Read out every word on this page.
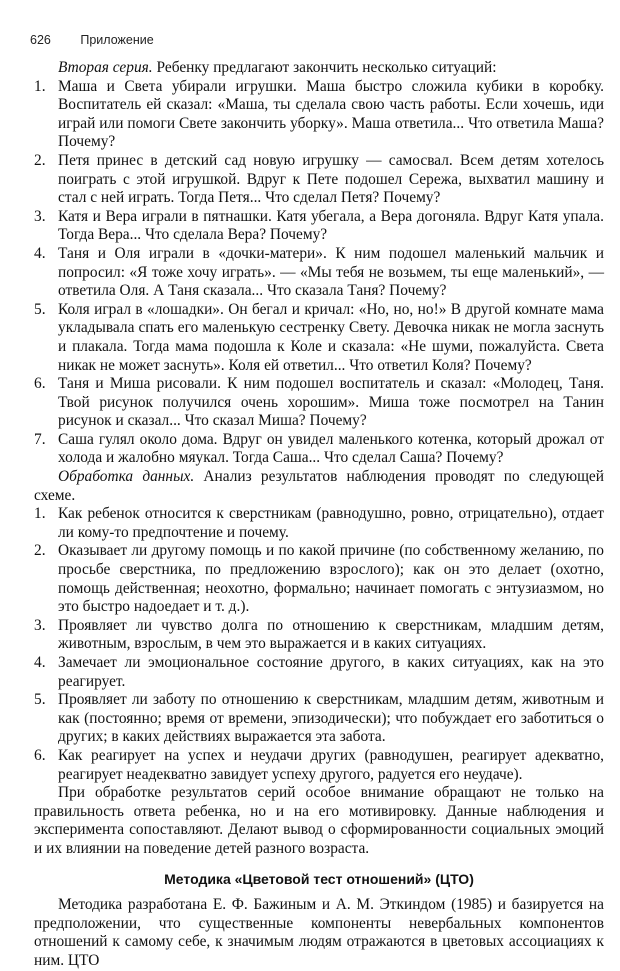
626 Приложение

Вторая серия. Ребенку предлагают закончить несколько ситуаций:

1. Маша и Света убирали игрушки. Маша быстро сложила кубики в коробку. Воспитатель ей сказал: «Маша, ты сделала свою часть работы. Если хочешь, иди играй или помоги Свете закончить уборку». Маша ответила... Что ответила Маша? Почему?
2. Петя принес в детский сад новую игрушку — самосвал. Всем детям хотелось поиграть с этой игрушкой. Вдруг к Пете подошел Сережа, выхватил машину и стал с ней играть. Тогда Петя... Что сделал Петя? Почему?
3. Катя и Вера играли в пятнашки. Катя убегала, а Вера догоняла. Вдруг Катя упала. Тогда Вера... Что сделала Вера? Почему?
4. Таня и Оля играли в «дочки-матери». К ним подошел маленький мальчик и попросил: «Я тоже хочу играть». — «Мы тебя не возьмем, ты еще маленький», — ответила Оля. А Таня сказала... Что сказала Таня? Почему?
5. Коля играл в «лошадки». Он бегал и кричал: «Но, но, но!» В другой комнате мама укладывала спать его маленькую сестренку Свету. Девочка никак не могла заснуть и плакала. Тогда мама подошла к Коле и сказала: «Не шуми, пожалуйста. Света никак не может заснуть». Коля ей ответил... Что ответил Коля? Почему?
6. Таня и Миша рисовали. К ним подошел воспитатель и сказал: «Молодец, Таня. Твой рисунок получился очень хорошим». Миша тоже посмотрел на Танин рисунок и сказал... Что сказал Миша? Почему?
7. Саша гулял около дома. Вдруг он увидел маленького котенка, который дрожал от холода и жалобно мяукал. Тогда Саша... Что сделал Саша? Почему?

Обработка данных. Анализ результатов наблюдения проводят по следующей схеме.

1. Как ребенок относится к сверстникам (равнодушно, ровно, отрицательно), отдает ли кому-то предпочтение и почему.
2. Оказывает ли другому помощь и по какой причине (по собственному желанию, по просьбе сверстника, по предложению взрослого); как он это делает (охотно, помощь действенная; неохотно, формально; начинает помогать с энтузиазмом, но это быстро надоедает и т. д.).
3. Проявляет ли чувство долга по отношению к сверстникам, младшим детям, животным, взрослым, в чем это выражается и в каких ситуациях.
4. Замечает ли эмоциональное состояние другого, в каких ситуациях, как на это реагирует.
5. Проявляет ли заботу по отношению к сверстникам, младшим детям, животным и как (постоянно; время от времени, эпизодически); что побуждает его заботиться о других; в каких действиях выражается эта забота.
6. Как реагирует на успех и неудачи других (равнодушен, реагирует адекватно, реагирует неадекватно завидует успеху другого, радуется его неудаче).

При обработке результатов серий особое внимание обращают не только на правильность ответа ребенка, но и на его мотивировку. Данные наблюдения и эксперимента сопоставляют. Делают вывод о сформированности социальных эмоций и их влиянии на поведение детей разного возраста.

Методика «Цветовой тест отношений» (ЦТО)

Методика разработана Е. Ф. Бажиным и А. М. Эткиндом (1985) и базируется на предположении, что существенные компоненты невербальных компонентов отношений к самому себе, к значимым людям отражаются в цветовых ассоциациях к ним. ЦТО
